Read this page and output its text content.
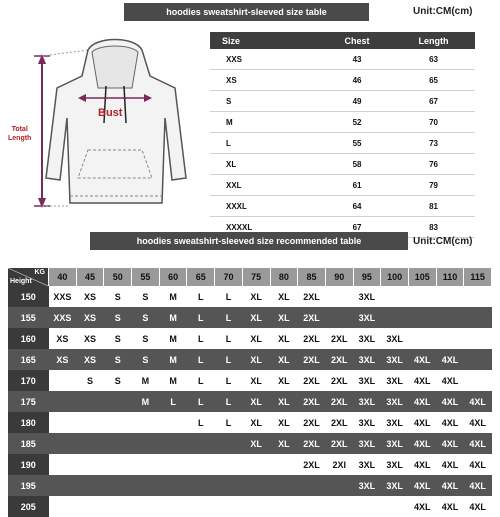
hoodies sweatshirt-sleeved size table	Unit:CM(cm)
Total
Length
Bust
Size	Chest	Length
XXS	43	63
XS	46	65
S	49	67
M	52	70
L	55	73
XL	58	76
XXL	61	79
XXXL	64	81
XXXXL	67	83
hoodies sweatshirt-sleeved size recommended table	Unit:CM(cm)
KG
Height	40	45	50	55	60	65	70	75	80	85	90	95	100	105	110	115
150	XXS	XS	S	S	M	L	L	XL	XL	2XL		3XL				
155	XXS	XS	S	S	M	L	L	XL	XL	2XL		3XL				
160	XS	XS	S	S	M	L	L	XL	XL	2XL	2XL	3XL	3XL			
165	XS	XS	S	S	M	L	L	XL	XL	2XL	2XL	3XL	3XL	4XL	4XL	
170		S	S	M	M	L	L	XL	XL	2XL	2XL	3XL	3XL	4XL	4XL	
175				M	L	L	L	XL	XL	2XL	2XL	3XL	3XL	4XL	4XL	4XL
180						L	L	XL	XL	2XL	2XL	3XL	3XL	4XL	4XL	4XL
185								XL	XL	2XL	2XL	3XL	3XL	4XL	4XL	4XL
190										2XL	2XI	3XL	3XL	4XL	4XL	4XL
195												3XL	3XL	4XL	4XL	4XL
205														4XL	4XL	4XL
